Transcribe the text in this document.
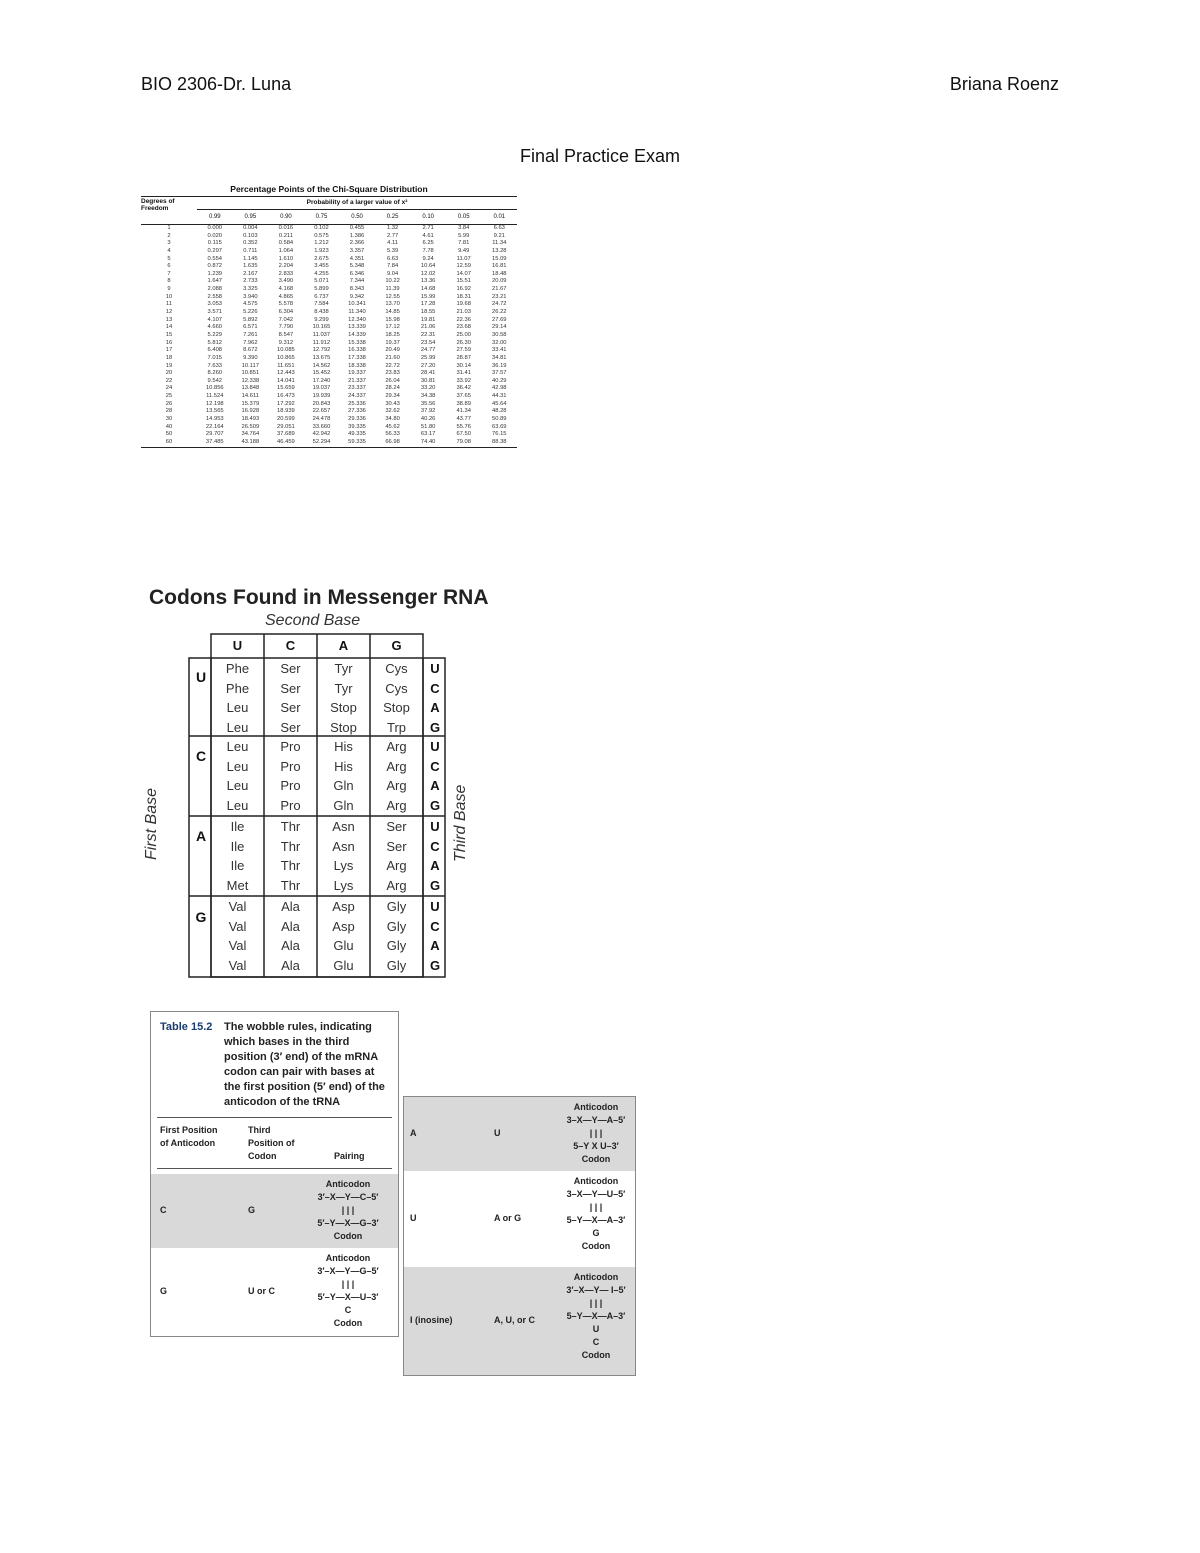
BIO 2306-Dr. Luna	Briana Roenz
Final Practice Exam
Percentage Points of the Chi-Square Distribution
Degrees of Freedom
Probability of a larger value of x²
0.99	0.95	0.90	0.75	0.50	0.25	0.10	0.05	0.01
1	0.000	0.004	0.016	0.102	0.455	1.32	2.71	3.84	6.63
2	0.020	0.103	0.211	0.575	1.386	2.77	4.61	5.99	9.21
3	0.115	0.352	0.584	1.212	2.366	4.11	6.25	7.81	11.34
4	0.297	0.711	1.064	1.923	3.357	5.39	7.78	9.49	13.28
5	0.554	1.145	1.610	2.675	4.351	6.63	9.24	11.07	15.09
6	0.872	1.635	2.204	3.455	5.348	7.84	10.64	12.59	16.81
7	1.239	2.167	2.833	4.255	6.346	9.04	12.02	14.07	18.48
8	1.647	2.733	3.490	5.071	7.344	10.22	13.36	15.51	20.09
9	2.088	3.325	4.168	5.899	8.343	11.39	14.68	16.92	21.67
10	2.558	3.940	4.865	6.737	9.342	12.55	15.99	18.31	23.21
11	3.053	4.575	5.578	7.584	10.341	13.70	17.28	19.68	24.72
12	3.571	5.226	6.304	8.438	11.340	14.85	18.55	21.03	26.22
13	4.107	5.892	7.042	9.299	12.340	15.98	19.81	22.36	27.69
14	4.660	6.571	7.790	10.165	13.339	17.12	21.06	23.68	29.14
15	5.229	7.261	8.547	11.037	14.339	18.25	22.31	25.00	30.58
16	5.812	7.962	9.312	11.912	15.338	19.37	23.54	26.30	32.00
17	6.408	8.672	10.085	12.792	16.338	20.49	24.77	27.59	33.41
18	7.015	9.390	10.865	13.675	17.338	21.60	25.99	28.87	34.81
19	7.633	10.117	11.651	14.562	18.338	22.72	27.20	30.14	36.19
20	8.260	10.851	12.443	15.452	19.337	23.83	28.41	31.41	37.57
22	9.542	12.338	14.041	17.240	21.337	26.04	30.81	33.92	40.29
24	10.856	13.848	15.659	19.037	23.337	28.24	33.20	36.42	42.98
25	11.524	14.611	16.473	19.939	24.337	29.34	34.38	37.65	44.31
26	12.198	15.379	17.292	20.843	25.336	30.43	35.56	38.89	45.64
28	13.565	16.928	18.939	22.657	27.336	32.62	37.92	41.34	48.28
30	14.953	18.493	20.599	24.478	29.336	34.80	40.26	43.77	50.89
40	22.164	26.509	29.051	33.660	39.335	45.62	51.80	55.76	63.69
50	29.707	34.764	37.689	42.942	49.335	56.33	63.17	67.50	76.15
60	37.485	43.188	46.459	52.294	59.335	66.98	74.40	79.08	88.38
Codons Found in Messenger RNA
Second Base
U	C	A	G
U
Phe	Ser	Tyr	Cys	U
Phe	Ser	Tyr	Cys	C
Leu	Ser	Stop	Stop	A
Leu	Ser	Stop	Trp	G
C
Leu	Pro	His	Arg	U
Leu	Pro	His	Arg	C
Leu	Pro	Gln	Arg	A
Leu	Pro	Gln	Arg	G
A
Ile	Thr	Asn	Ser	U
Ile	Thr	Asn	Ser	C
Ile	Thr	Lys	Arg	A
Met	Thr	Lys	Arg	G
G
Val	Ala	Asp	Gly	U
Val	Ala	Asp	Gly	C
Val	Ala	Glu	Gly	A
Val	Ala	Glu	Gly	G
First Base	Third Base
Table 15.2 The wobble rules, indicating which bases in the third position (3′ end) of the mRNA codon can pair with bases at the first position (5′ end) of the anticodon of the tRNA
First Position of Anticodon
Third Position of Codon	Pairing
C	G
Anticodon
3′–X—Y—C–5′
| | |
5′–Y—X—G–3′
Codon
G	U or C
Anticodon
3′–X—Y—G–5′
| | |
5′–Y—X—U–3′
C
Codon
A	U
Anticodon
3–X—Y—A–5′
| | |
5–Y X U–3′
Codon
U	A or G
Anticodon
3–X—Y—U–5′
| | |
5–Y—X—A–3′
G
Codon
I (inosine)	A, U, or C
Anticodon
3′–X—Y— I–5′
| | |
5–Y—X—A–3′
U
C
Codon
